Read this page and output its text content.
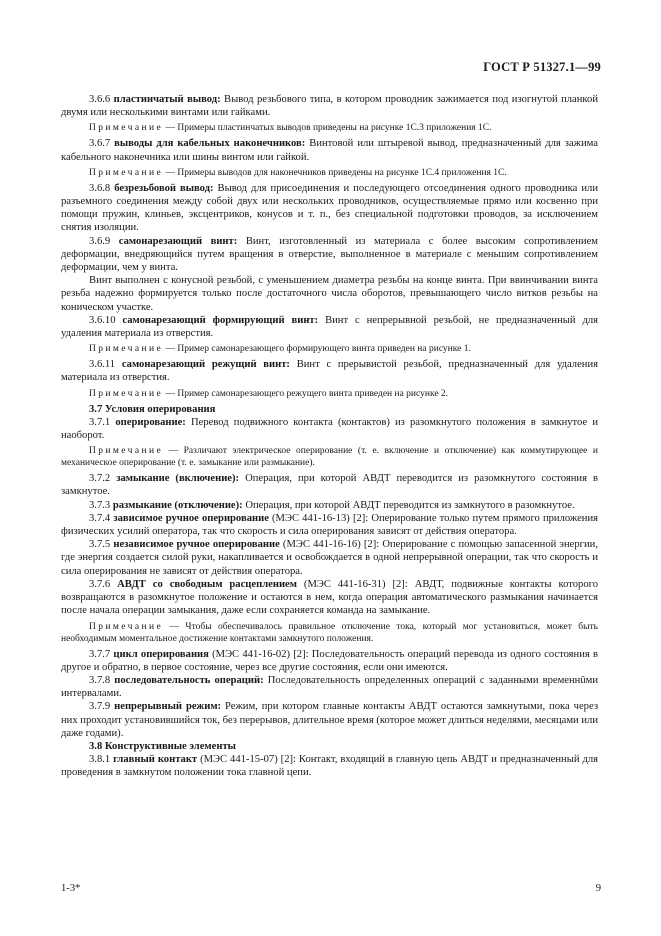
ГОСТ Р 51327.1—99

3.6.6 пластинчатый вывод: Вывод резьбового типа, в котором проводник зажимается под изогнутой планкой двумя или несколькими винтами или гайками.

Примечание — Примеры пластинчатых выводов приведены на рисунке 1С.3 приложения 1С.

3.6.7 выводы для кабельных наконечников: Винтовой или штыревой вывод, предназначенный для зажима кабельного наконечника или шины винтом или гайкой.

Примечание — Примеры выводов для наконечников приведены на рисунке 1С.4 приложения 1С.

3.6.8 безрезьбовой вывод: Вывод для присоединения и последующего отсоединения одного проводника или разъемного соединения между собой двух или нескольких проводников, осуществляемые прямо или косвенно при помощи пружин, клиньев, эксцентриков, конусов и т. п., без специальной подготовки проводов, за исключением снятия изоляции.

3.6.9 самонарезающий винт: Винт, изготовленный из материала с более высоким сопротивлением деформации, внедряющийся путем вращения в отверстие, выполненное в материале с меньшим сопротивлением деформации, чем у винта.

Винт выполнен с конусной резьбой, с уменьшением диаметра резьбы на конце винта. При ввинчивании винта резьба надежно формируется только после достаточного числа оборотов, превышающего число витков резьбы на коническом участке.

3.6.10 самонарезающий формирующий винт: Винт с непрерывной резьбой, не предназначенный для удаления материала из отверстия.

Примечание — Пример самонарезающего формирующего винта приведен на рисунке 1.

3.6.11 самонарезающий режущий винт: Винт с прерывистой резьбой, предназначенный для удаления материала из отверстия.

Примечание — Пример самонарезающего режущего винта приведен на рисунке 2.

3.7 Условия оперирования

3.7.1 оперирование: Перевод подвижного контакта (контактов) из разомкнутого положения в замкнутое и наоборот.

Примечание — Различают электрическое оперирование (т. е. включение и отключение) как коммутирующее и механическое оперирование (т. е. замыкание или размыкание).

3.7.2 замыкание (включение): Операция, при которой АВДТ переводится из разомкнутого состояния в замкнутое.

3.7.3 размыкание (отключение): Операция, при которой АВДТ переводится из замкнутого в разомкнутое.

3.7.4 зависимое ручное оперирование (МЭС 441-16-13) [2]: Оперирование только путем прямого приложения физических усилий оператора, так что скорость и сила оперирования зависят от действия оператора.

3.7.5 независимое ручное оперирование (МЭС 441-16-16) [2]: Оперирование с помощью запасенной энергии, где энергия создается силой руки, накапливается и освобождается в одной непрерывной операции, так что скорость и сила оперирования не зависят от действия оператора.

3.7.6 АВДТ со свободным расцеплением (МЭС 441-16-31) [2]: АВДТ, подвижные контакты которого возвращаются в разомкнутое положение и остаются в нем, когда операция автоматического размыкания начинается после начала операции замыкания, даже если сохраняется команда на замыкание.

Примечание — Чтобы обеспечивалось правильное отключение тока, который мог установиться, может быть необходимым моментальное достижение контактами замкнутого положения.

3.7.7 цикл оперирования (МЭС 441-16-02) [2]: Последовательность операций перевода из одного состояния в другое и обратно, в первое состояние, через все другие состояния, если они имеются.

3.7.8 последовательность операций: Последовательность определенных операций с заданными временнûми интервалами.

3.7.9 непрерывный режим: Режим, при котором главные контакты АВДТ остаются замкнутыми, пока через них проходит установившийся ток, без перерывов, длительное время (которое может длиться неделями, месяцами или даже годами).

3.8 Конструктивные элементы

3.8.1 главный контакт (МЭС 441-15-07) [2]: Контакт, входящий в главную цепь АВДТ и предназначенный для проведения в замкнутом положении тока главной цепи.

1-3*	9
